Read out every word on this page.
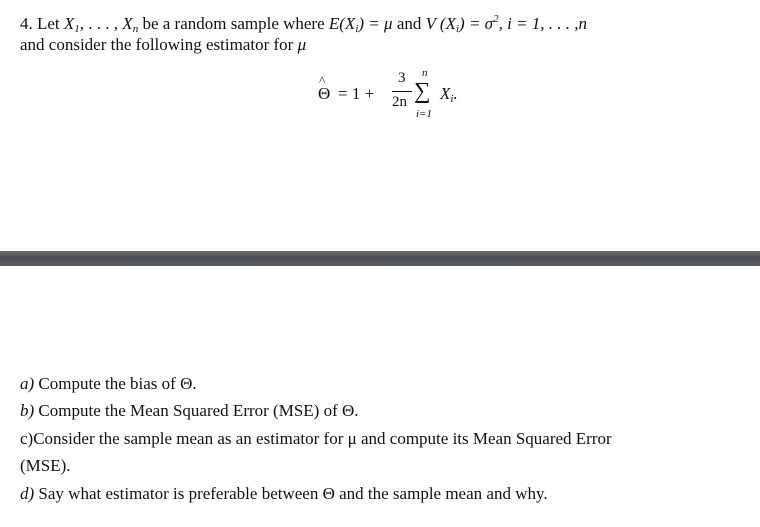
4. Let $X_1$, . . . , $X_n$ be a random sample where $E(X_i) = \mu$ and V $(X_i) = \sigma^2$, i = 1, . . . ,n
and consider the following estimator for μ
^
Θ = 1 +
3
2n
n
∑
i=1
$X_i$.
a) Compute the bias of Θ.
b) Compute the Mean Squared Error (MSE) of Θ.
c)Consider the sample mean as an estimator for μ and compute its Mean Squared Error
(MSE).
d) Say what estimator is preferable between Θ and the sample mean and why.
